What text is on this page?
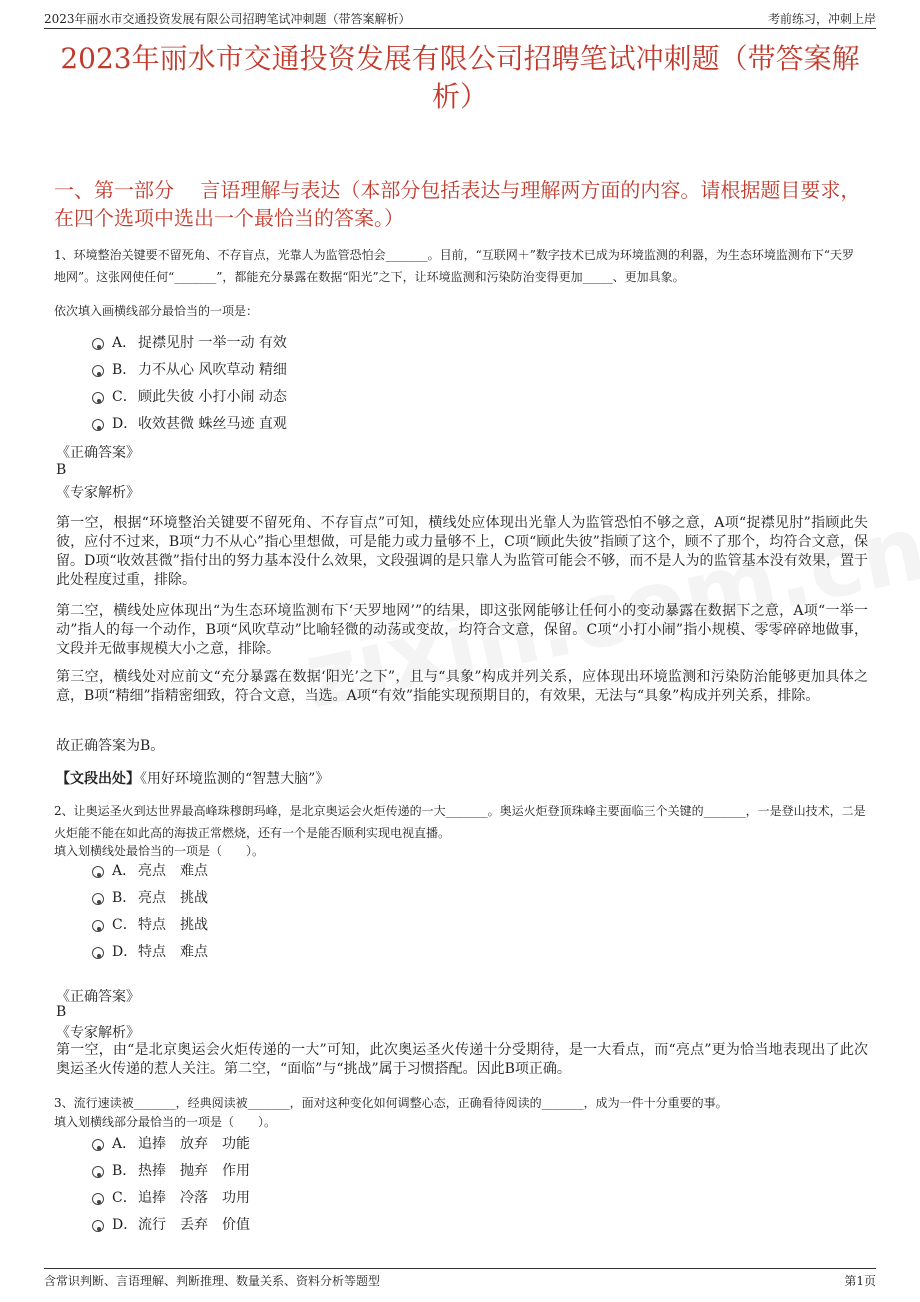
2023年丽水市交通投资发展有限公司招聘笔试冲刺题（带答案解析）	考前练习，冲刺上岸
2023年丽水市交通投资发展有限公司招聘笔试冲刺题（带答案解析）
一、第一部分　 言语理解与表达（本部分包括表达与理解两方面的内容。请根据题目要求，在四个选项中选出一个最恰当的答案。）
1、环境整治关键要不留死角、不存盲点，光靠人为监管恐怕会_______。目前，“互联网＋”数字技术已成为环境监测的利器，为生态环境监测布下“天罗地网”。这张网使任何“_______”，都能充分暴露在数据“阳光”之下，让环境监测和污染防治变得更加_____、更加具象。
依次填入画横线部分最恰当的一项是：
A． 捉襟见肘 一举一动 有效
B． 力不从心 风吹草动 精细
C．顾此失彼 小打小闹 动态
D．收效甚微 蛛丝马迹 直观
《正确答案》
B
《专家解析》
第一空，根据“环境整治关键要不留死角、不存盲点”可知，横线处应体现出光靠人为监管恐怕不够之意，A项“捉襟见肘”指顾此失彼，应付不过来，B项“力不从心”指心里想做，可是能力或力量够不上，C项“顾此失彼”指顾了这个，顾不了那个，均符合文意，保留。D项“收效甚微”指付出的努力基本没什么效果，文段强调的是只靠人为监管可能会不够，而不是人为的监管基本没有效果，置于此处程度过重，排除。
第二空，横线处应体现出“为生态环境监测布下‘天罗地网’”的结果，即这张网能够让任何小的变动暴露在数据下之意，A项“一举一动”指人的每一个动作，B项“风吹草动”比喻轻微的动荡或变故，均符合文意，保留。C项“小打小闹”指小规模、零零碎碎地做事，文段并无做事规模大小之意，排除。
第三空，横线处对应前文“充分暴露在数据‘阳光’之下”，且与“具象”构成并列关系，应体现出环境监测和污染防治能够更加具体之意，B项“精细”指精密细致，符合文意，当选。A项“有效”指能实现预期目的，有效果，无法与“具象”构成并列关系，排除。
故正确答案为B。
【文段出处】《用好环境监测的“智慧大脑”》
2、让奥运圣火到达世界最高峰珠穆朗玛峰，是北京奥运会火炬传递的一大_______。奥运火炬登顶珠峰主要面临三个关键的_______，一是登山技术，二是火炬能不能在如此高的海拔正常燃烧，还有一个是能否顺利实现电视直播。
填入划横线处最恰当的一项是（　　）。
A． 亮点　难点
B． 亮点　挑战
C．特点　挑战
D．特点　难点
《正确答案》
B
《专家解析》
第一空，由“是北京奥运会火炬传递的一大”可知，此次奥运圣火传递十分受期待，是一大看点，而“亮点”更为恰当地表现出了此次奥运圣火传递的惹人关注。第二空，“面临”与“挑战”属于习惯搭配。因此B项正确。
3、流行速读被_______，经典阅读被_______，面对这种变化如何调整心态，正确看待阅读的_______，成为一件十分重要的事。
填入划横线部分最恰当的一项是（　　）。
A． 追捧　放弃　功能
B． 热捧　抛弃　作用
C．追捧　冷落　功用
D．流行　丢弃　价值
含常识判断、言语理解、判断推理、数量关系、资料分析等题型	第1页
